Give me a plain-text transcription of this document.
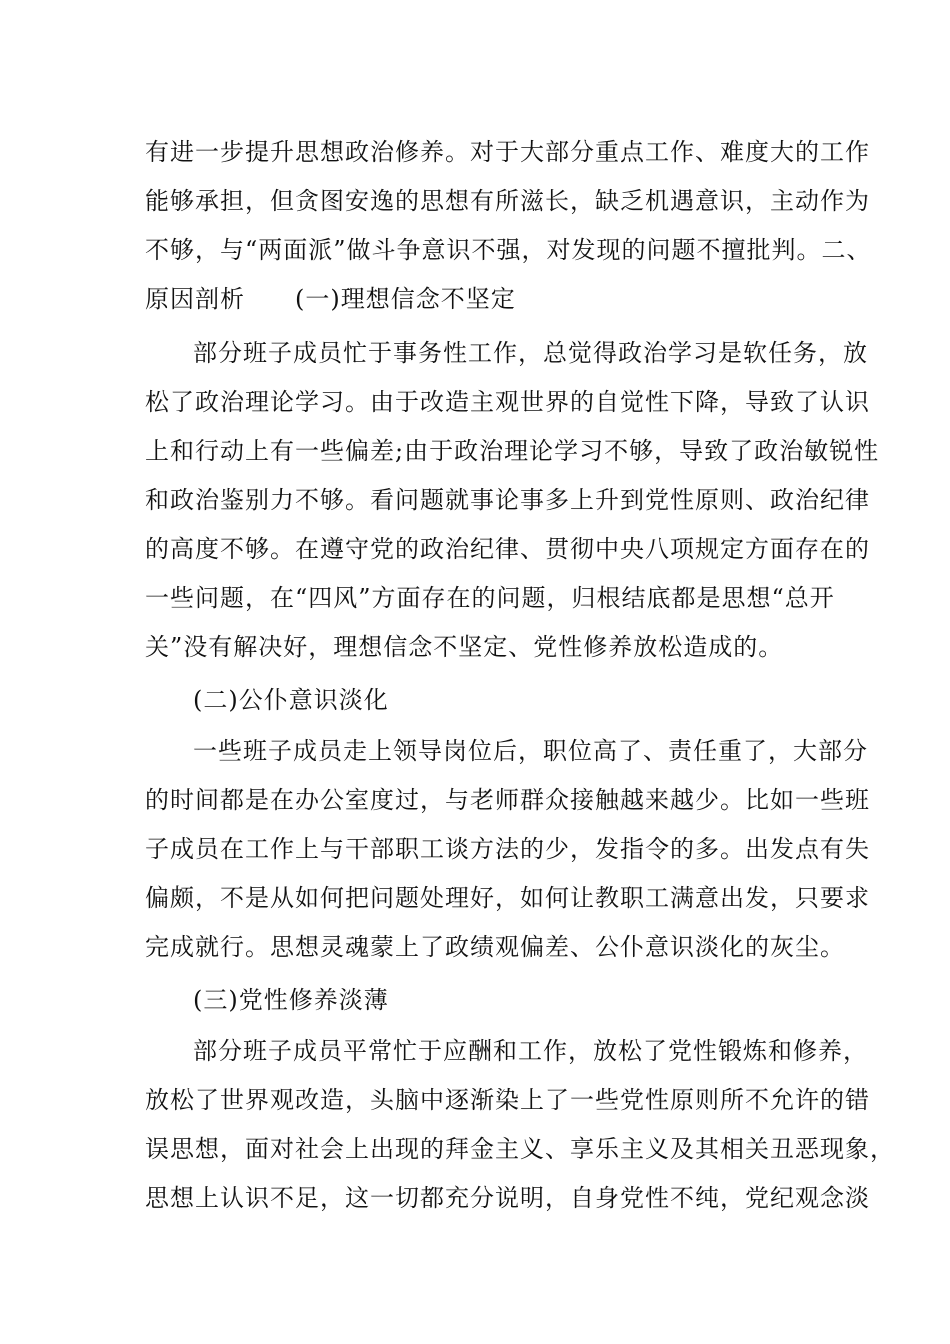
有进一步提升思想政治修养。对于大部分重点工作、难度大的工作
能够承担，但贪图安逸的思想有所滋长，缺乏机遇意识，主动作为
不够，与“两面派”做斗争意识不强，对发现的问题不擅批判。二、
原因剖析　　(一)理想信念不坚定
部分班子成员忙于事务性工作，总觉得政治学习是软任务，放
松了政治理论学习。由于改造主观世界的自觉性下降，导致了认识
上和行动上有一些偏差;由于政治理论学习不够，导致了政治敏锐性
和政治鉴别力不够。看问题就事论事多上升到党性原则、政治纪律
的高度不够。在遵守党的政治纪律、贯彻中央八项规定方面存在的
一些问题，在“四风”方面存在的问题，归根结底都是思想“总开
关”没有解决好，理想信念不坚定、党性修养放松造成的。
(二)公仆意识淡化
一些班子成员走上领导岗位后，职位高了、责任重了，大部分
的时间都是在办公室度过，与老师群众接触越来越少。比如一些班
子成员在工作上与干部职工谈方法的少，发指令的多。出发点有失
偏颇，不是从如何把问题处理好，如何让教职工满意出发，只要求
完成就行。思想灵魂蒙上了政绩观偏差、公仆意识淡化的灰尘。
(三)党性修养淡薄
部分班子成员平常忙于应酬和工作，放松了党性锻炼和修养，
放松了世界观改造，头脑中逐渐染上了一些党性原则所不允许的错
误思想，面对社会上出现的拜金主义、享乐主义及其相关丑恶现象，
思想上认识不足，这一切都充分说明，自身党性不纯，党纪观念淡
